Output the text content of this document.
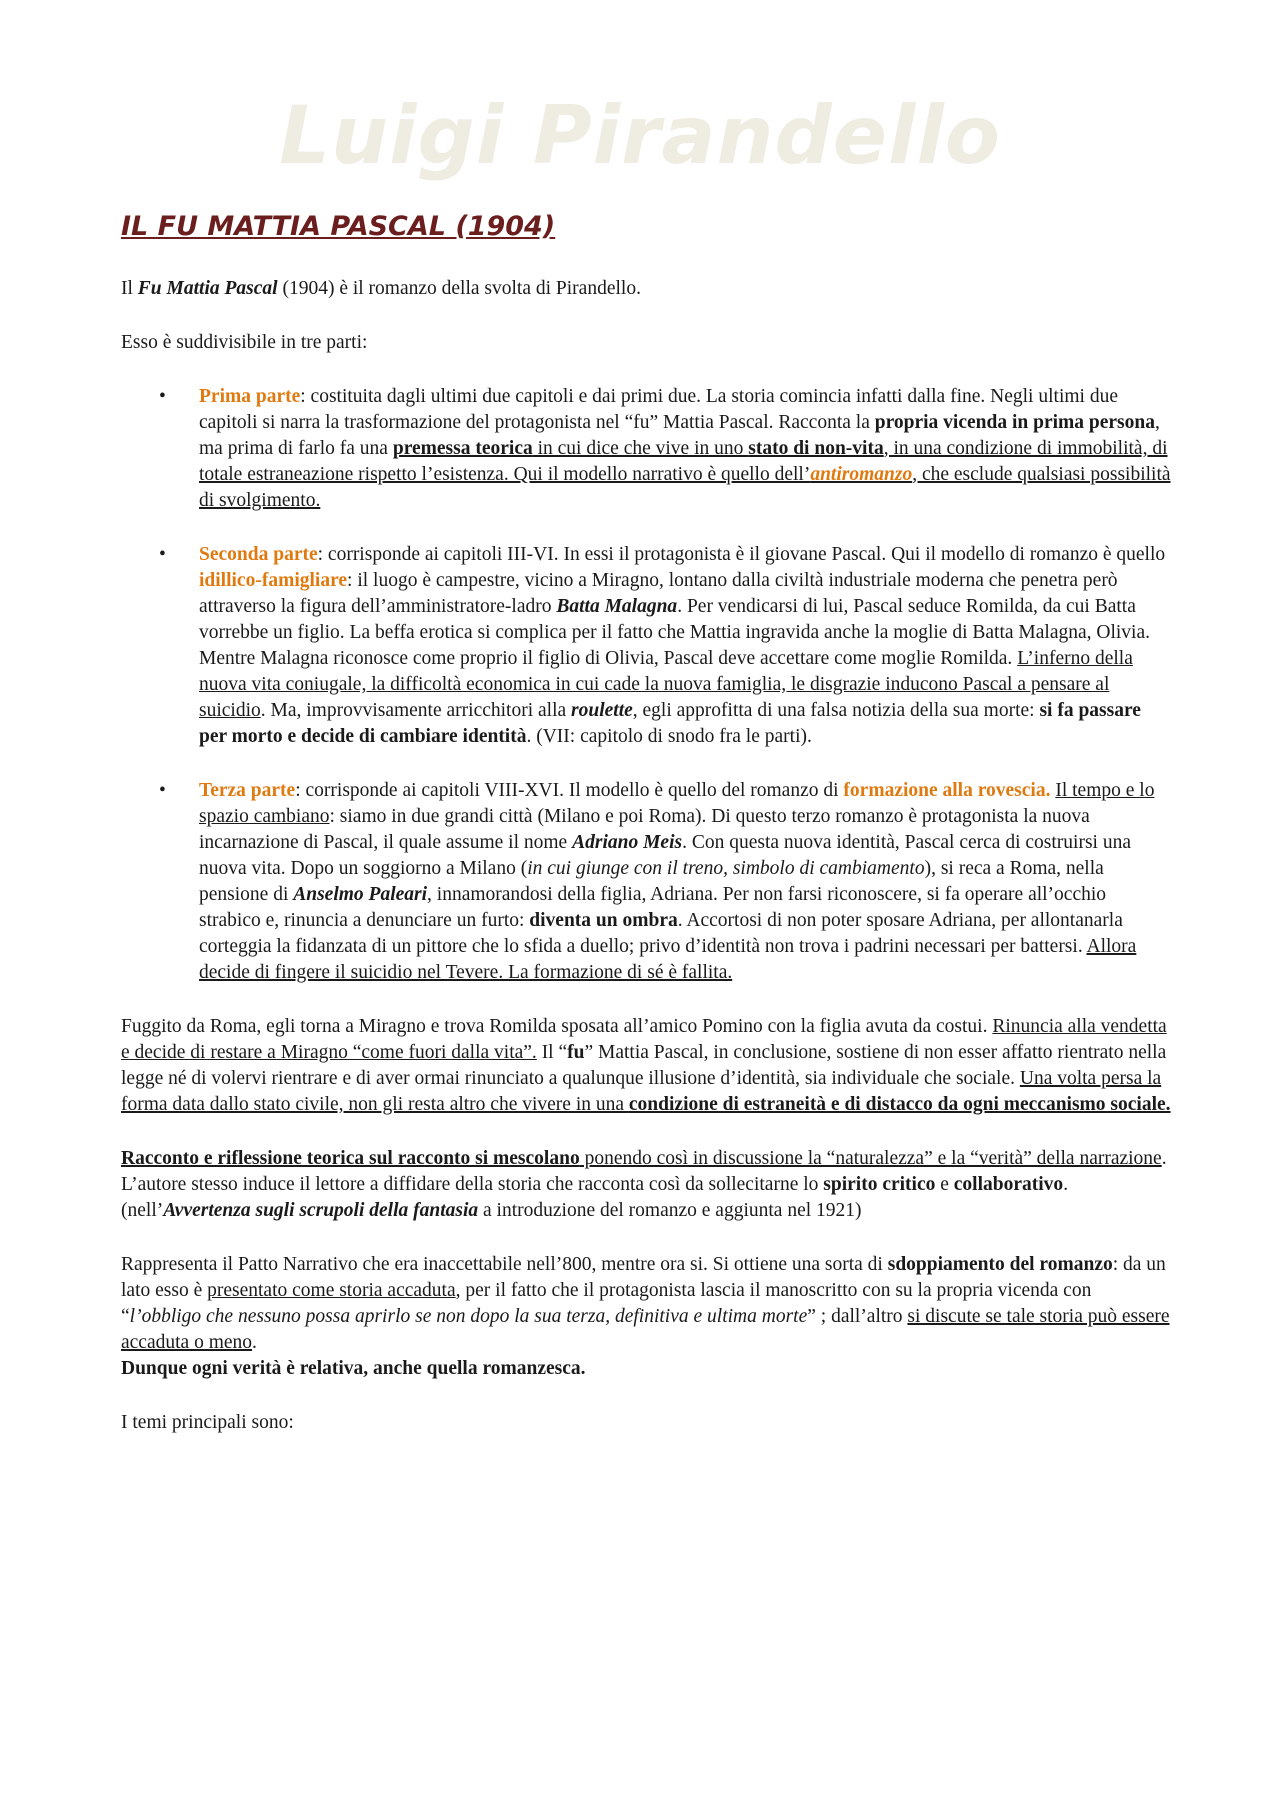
Luigi Pirandello
IL FU MATTIA PASCAL (1904)

Il Fu Mattia Pascal (1904) è il romanzo della svolta di Pirandello.

Esso è suddivisibile in tre parti:

• Prima parte: costituita dagli ultimi due capitoli e dai primi due. La storia comincia infatti dalla fine. Negli ultimi due capitoli si narra la trasformazione del protagonista nel “fu” Mattia Pascal. Racconta la propria vicenda in prima persona, ma prima di farlo fa una premessa teorica in cui dice che vive in uno stato di non-vita, in una condizione di immobilità, di totale estraneazione rispetto l’esistenza. Qui il modello narrativo è quello dell’antiromanzo, che esclude qualsiasi possibilità di svolgimento.
• Seconda parte: corrisponde ai capitoli III-VI. In essi il protagonista è il giovane Pascal. Qui il modello di romanzo è quello idillico-famigliare: il luogo è campestre, vicino a Miragno, lontano dalla civiltà industriale moderna che penetra però attraverso la figura dell’amministratore-ladro Batta Malagna. Per vendicarsi di lui, Pascal seduce Romilda, da cui Batta vorrebbe un figlio. La beffa erotica si complica per il fatto che Mattia ingravida anche la moglie di Batta Malagna, Olivia. Mentre Malagna riconosce come proprio il figlio di Olivia, Pascal deve accettare come moglie Romilda. L’inferno della nuova vita coniugale, la difficoltà economica in cui cade la nuova famiglia, le disgrazie inducono Pascal a pensare al suicidio. Ma, improvvisamente arricchitori alla roulette, egli approfitta di una falsa notizia della sua morte: si fa passare per morto e decide di cambiare identità. (VII: capitolo di snodo fra le parti).
• Terza parte: corrisponde ai capitoli VIII-XVI. Il modello è quello del romanzo di formazione alla rovescia. Il tempo e lo spazio cambiano: siamo in due grandi città (Milano e poi Roma). Di questo terzo romanzo è protagonista la nuova incarnazione di Pascal, il quale assume il nome Adriano Meis. Con questa nuova identità, Pascal cerca di costruirsi una nuova vita. Dopo un soggiorno a Milano (in cui giunge con il treno, simbolo di cambiamento), si reca a Roma, nella pensione di Anselmo Paleari, innamorandosi della figlia, Adriana. Per non farsi riconoscere, si fa operare all’occhio strabico e, rinuncia a denunciare un furto: diventa un ombra. Accortosi di non poter sposare Adriana, per allontanarla corteggia la fidanzata di un pittore che lo sfida a duello; privo d’identità non trova i padrini necessari per battersi. Allora decide di fingere il suicidio nel Tevere. La formazione di sé è fallita.

Fuggito da Roma, egli torna a Miragno e trova Romilda sposata all’amico Pomino con la figlia avuta da costui. Rinuncia alla vendetta e decide di restare a Miragno “come fuori dalla vita”. Il “fu” Mattia Pascal, in conclusione, sostiene di non esser affatto rientrato nella legge né di volervi rientrare e di aver ormai rinunciato a qualunque illusione d’identità, sia individuale che sociale. Una volta persa la forma data dallo stato civile, non gli resta altro che vivere in una condizione di estraneità e di distacco da ogni meccanismo sociale.

Racconto e riflessione teorica sul racconto si mescolano ponendo così in discussione la “naturalezza” e la “verità” della narrazione. L’autore stesso induce il lettore a diffidare della storia che racconta così da sollecitarne lo spirito critico e collaborativo. (nell’Avvertenza sugli scrupoli della fantasia a introduzione del romanzo e aggiunta nel 1921)

Rappresenta il Patto Narrativo che era inaccettabile nell’800, mentre ora si. Si ottiene una sorta di sdoppiamento del romanzo: da un lato esso è presentato come storia accaduta, per il fatto che il protagonista lascia il manoscritto con su la propria vicenda con “l’obbligo che nessuno possa aprirlo se non dopo la sua terza, definitiva e ultima morte” ; dall’altro si discute se tale storia può essere accaduta o meno.
Dunque ogni verità è relativa, anche quella romanzesca.

I temi principali sono:
